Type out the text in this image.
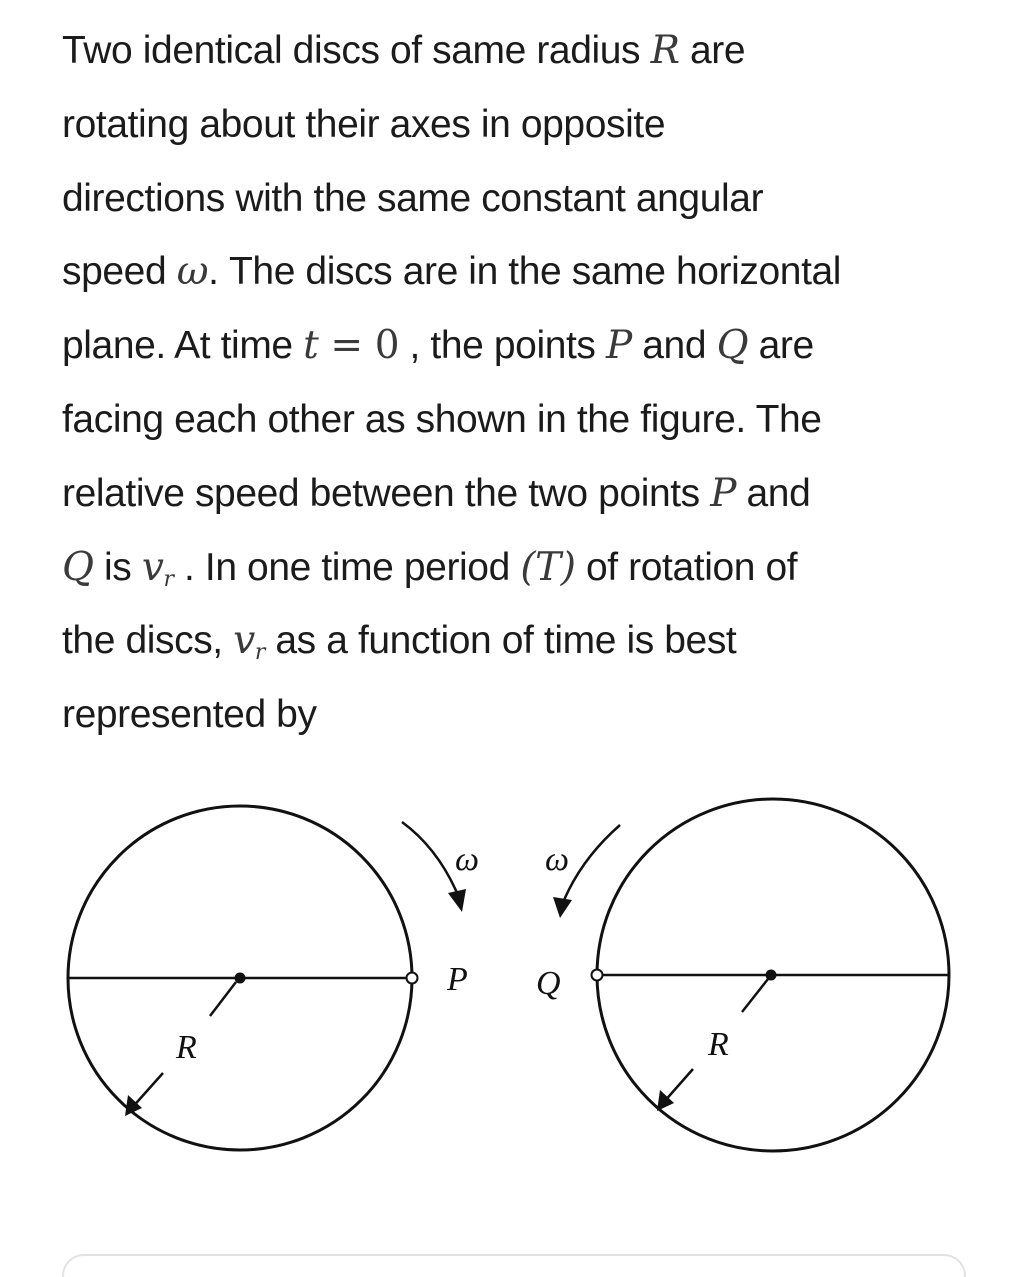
Two identical discs of same radius R are
rotating about their axes in opposite
directions with the same constant angular
speed ω. The discs are in the same horizontal
plane. At time t = 0 , the points P and Q are
facing each other as shown in the figure. The
relative speed between the two points P and
Q is $v_r$ . In one time period (T) of rotation of
the discs, $v_r$ as a function of time is best
represented by
R
ω
P
R
ω
Q
